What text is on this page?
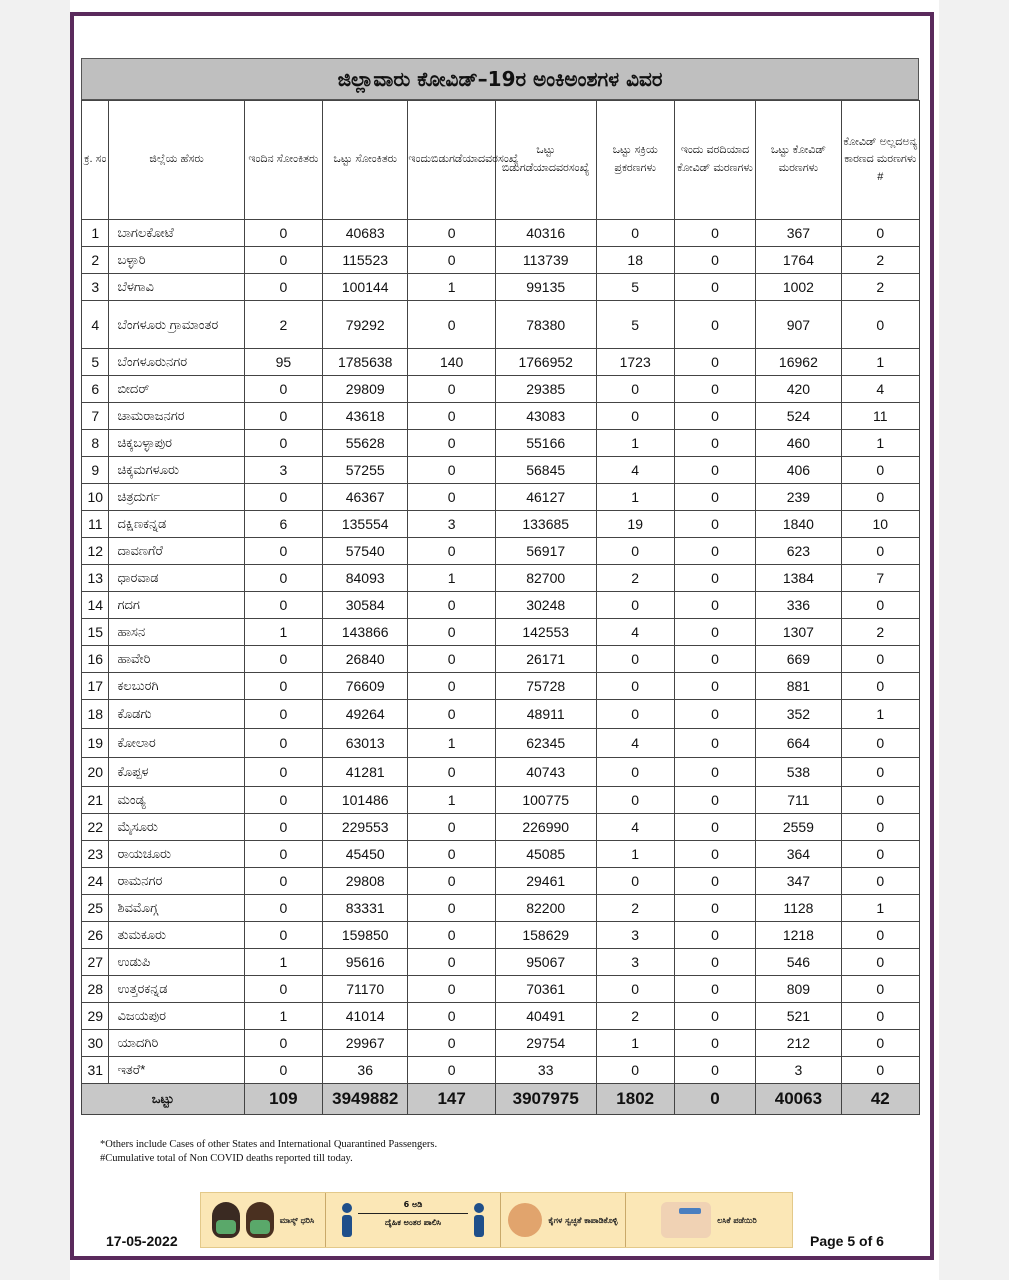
ಜಿಲ್ಲಾವಾರು ಕೋವಿಡ್–19ರ ಅಂಕಿಅಂಶಗಳ ವಿವರ
ಕ್ರ. ಸಂ	ಜಿಲ್ಲೆಯ ಹೆಸರು	ಇಂದಿನ ಸೋಂಕಿತರು	ಒಟ್ಟು ಸೋಂಕಿತರು	ಇಂದುಬಿಡುಗಡೆಯಾದವರಸಂಖ್ಯೆ	ಒಟ್ಟು ಬಿಡುಗಡೆಯಾದವರಸಂಖ್ಯೆ	ಒಟ್ಟು ಸಕ್ರಿಯ ಪ್ರಕರಣಗಳು	ಇಂದು ವರದಿಯಾದ ಕೋವಿಡ್ ಮರಣಗಳು	ಒಟ್ಟು ಕೋವಿಡ್ ಮರಣಗಳು	ಕೋವಿಡ್ ಅಲ್ಲದಅನ್ಯ ಕಾರಣದ ಮರಣಗಳು #
1	ಬಾಗಲಕೋಟೆ	0	40683	0	40316	0	0	367	0
2	ಬಳ್ಳಾರಿ	0	115523	0	113739	18	0	1764	2
3	ಬೆಳಗಾವಿ	0	100144	1	99135	5	0	1002	2
4	ಬೆಂಗಳೂರು ಗ್ರಾಮಾಂತರ	2	79292	0	78380	5	0	907	0
5	ಬೆಂಗಳೂರುನಗರ	95	1785638	140	1766952	1723	0	16962	1
6	ಬೀದರ್	0	29809	0	29385	0	0	420	4
7	ಚಾಮರಾಜನಗರ	0	43618	0	43083	0	0	524	11
8	ಚಿಕ್ಕಬಳ್ಳಾಪುರ	0	55628	0	55166	1	0	460	1
9	ಚಿಕ್ಕಮಗಳೂರು	3	57255	0	56845	4	0	406	0
10	ಚಿತ್ರದುರ್ಗ	0	46367	0	46127	1	0	239	0
11	ದಕ್ಷಿಣಕನ್ನಡ	6	135554	3	133685	19	0	1840	10
12	ದಾವಣಗೆರೆ	0	57540	0	56917	0	0	623	0
13	ಧಾರವಾಡ	0	84093	1	82700	2	0	1384	7
14	ಗದಗ	0	30584	0	30248	0	0	336	0
15	ಹಾಸನ	1	143866	0	142553	4	0	1307	2
16	ಹಾವೇರಿ	0	26840	0	26171	0	0	669	0
17	ಕಲಬುರಗಿ	0	76609	0	75728	0	0	881	0
18	ಕೊಡಗು	0	49264	0	48911	0	0	352	1
19	ಕೋಲಾರ	0	63013	1	62345	4	0	664	0
20	ಕೊಪ್ಪಳ	0	41281	0	40743	0	0	538	0
21	ಮಂಡ್ಯ	0	101486	1	100775	0	0	711	0
22	ಮೈಸೂರು	0	229553	0	226990	4	0	2559	0
23	ರಾಯಚೂರು	0	45450	0	45085	1	0	364	0
24	ರಾಮನಗರ	0	29808	0	29461	0	0	347	0
25	ಶಿವಮೊಗ್ಗ	0	83331	0	82200	2	0	1128	1
26	ತುಮಕೂರು	0	159850	0	158629	3	0	1218	0
27	ಉಡುಪಿ	1	95616	0	95067	3	0	546	0
28	ಉತ್ತರಕನ್ನಡ	0	71170	0	70361	0	0	809	0
29	ವಿಜಯಪುರ	1	41014	0	40491	2	0	521	0
30	ಯಾದಗಿರಿ	0	29967	0	29754	1	0	212	0
31	ಇತರೆ*	0	36	0	33	0	0	3	0
ಒಟ್ಟು		109	3949882	147	3907975	1802	0	40063	42
*Others include Cases of other States and International Quarantined Passengers.
#Cumulative total of Non COVID deaths reported till today.
ಮಾಸ್ಕ್ ಧರಿಸಿ
6 ಅಡಿ
ದೈಹಿಕ ಅಂತರ ಪಾಲಿಸಿ	ಕೈಗಳ ಸ್ವಚ್ಛತೆ ಕಾಪಾಡಿಕೊಳ್ಳಿ	ಲಸಿಕೆ ಪಡೆಯಿರಿ
17-05-2022	Page 5 of 6
